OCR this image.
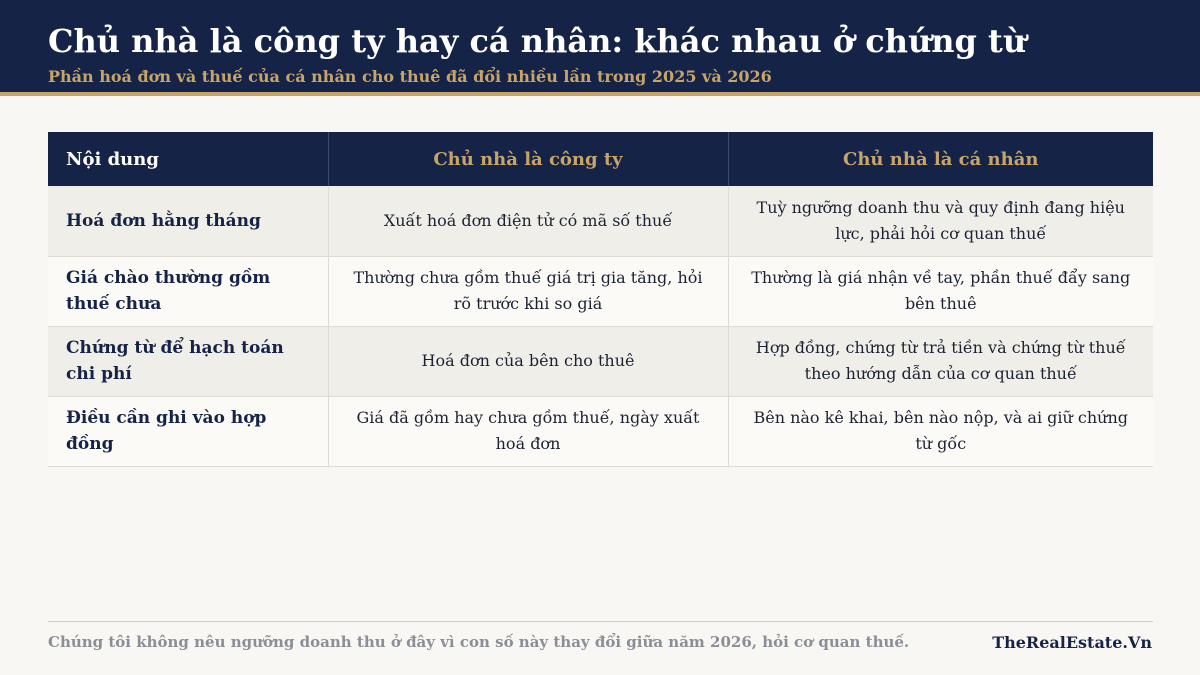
Chủ nhà là công ty hay cá nhân: khác nhau ở chứng từ
Phần hoá đơn và thuế của cá nhân cho thuê đã đổi nhiều lần trong 2025 và 2026
Nội dung	Chủ nhà là công ty	Chủ nhà là cá nhân
Hoá đơn hằng tháng	Xuất hoá đơn điện tử có mã số thuế	Tuỳ ngưỡng doanh thu và quy định đang hiệu lực, phải hỏi cơ quan thuế
Giá chào thường gồm thuế chưa	Thường chưa gồm thuế giá trị gia tăng, hỏi rõ trước khi so giá	Thường là giá nhận về tay, phần thuế đẩy sang bên thuê
Chứng từ để hạch toán chi phí	Hoá đơn của bên cho thuê	Hợp đồng, chứng từ trả tiền và chứng từ thuế theo hướng dẫn của cơ quan thuế
Điều cần ghi vào hợp đồng	Giá đã gồm hay chưa gồm thuế, ngày xuất hoá đơn	Bên nào kê khai, bên nào nộp, và ai giữ chứng từ gốc
Chúng tôi không nêu ngưỡng doanh thu ở đây vì con số này thay đổi giữa năm 2026, hỏi cơ quan thuế.	TheRealEstate.Vn
